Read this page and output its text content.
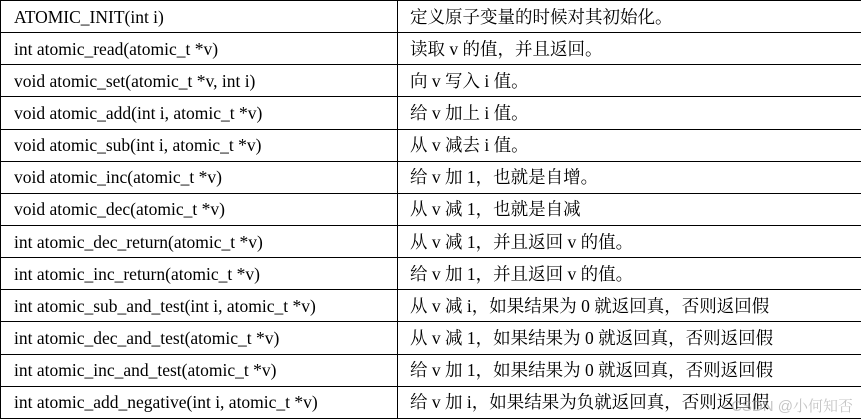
ATOMIC_INIT(int i)	定义原子变量的时候对其初始化。
int atomic_read(atomic_t *v)	读取 v 的值，并且返回。
void atomic_set(atomic_t *v, int i)	向 v 写入 i 值。
void atomic_add(int i, atomic_t *v)	给 v 加上 i 值。
void atomic_sub(int i, atomic_t *v)	从 v 减去 i 值。
void atomic_inc(atomic_t *v)	给 v 加 1，也就是自增。
void atomic_dec(atomic_t *v)	从 v 减 1，也就是自减
int atomic_dec_return(atomic_t *v)	从 v 减 1，并且返回 v 的值。
int atomic_inc_return(atomic_t *v)	给 v 加 1，并且返回 v 的值。
int atomic_sub_and_test(int i, atomic_t *v)	从 v 减 i，如果结果为 0 就返回真，否则返回假
int atomic_dec_and_test(atomic_t *v)	从 v 减 1，如果结果为 0 就返回真，否则返回假
int atomic_inc_and_test(atomic_t *v)	给 v 加 1，如果结果为 0 就返回真，否则返回假
int atomic_add_negative(int i, atomic_t *v)	给 v 加 i，如果结果为负就返回真，否则返回假
CSDN @小何知否
